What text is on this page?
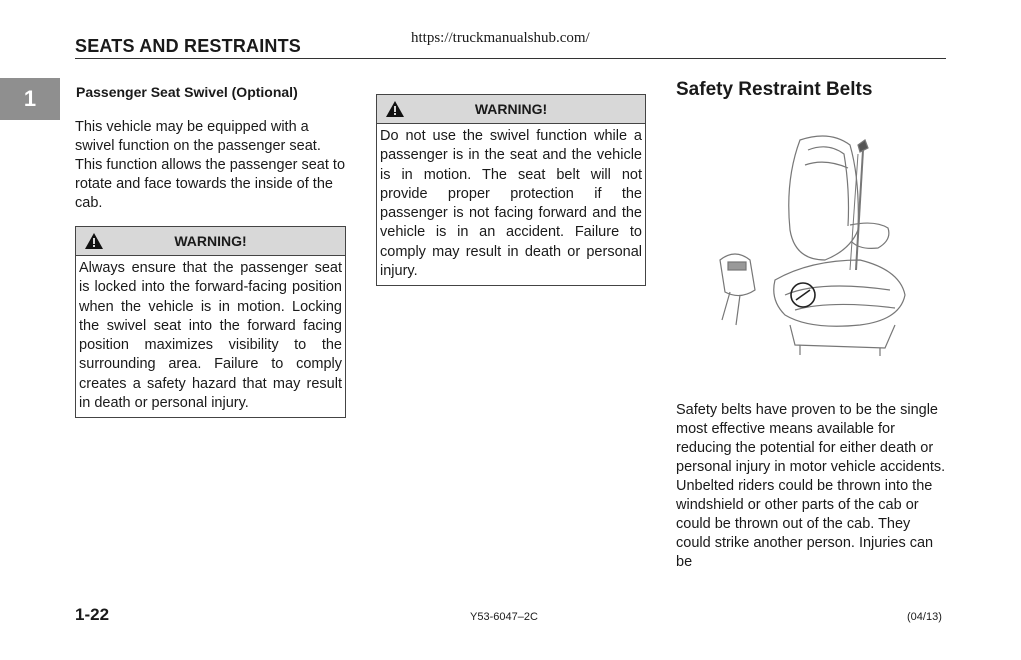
SEATS AND RESTRAINTS	https://truckmanualshub.com/
1	Passenger Seat Swivel (Optional)
This vehicle may be equipped with a swivel function on the passenger seat. This function allows the passenger seat to rotate and face towards the inside of the cab.
WARNING!
Always ensure that the passenger seat is locked into the forward-facing position when the vehicle is in motion. Locking the swivel seat into the forward facing position maximizes visibility to the surrounding area. Failure to comply creates a safety hazard that may result in death or personal injury.
WARNING!
Do not use the swivel function while a passenger is in the seat and the vehicle is in motion. The seat belt will not provide proper protection if the passenger is not facing forward and the vehicle is in an accident. Failure to comply may result in death or personal injury.
Safety Restraint Belts
Safety belts have proven to be the single most effective means available for reducing the potential for either death or personal injury in motor vehicle accidents. Unbelted riders could be thrown into the windshield or other parts of the cab or could be thrown out of the cab. They could strike another person. Injuries can be
1-22	Y53-6047–2C	(04/13)
